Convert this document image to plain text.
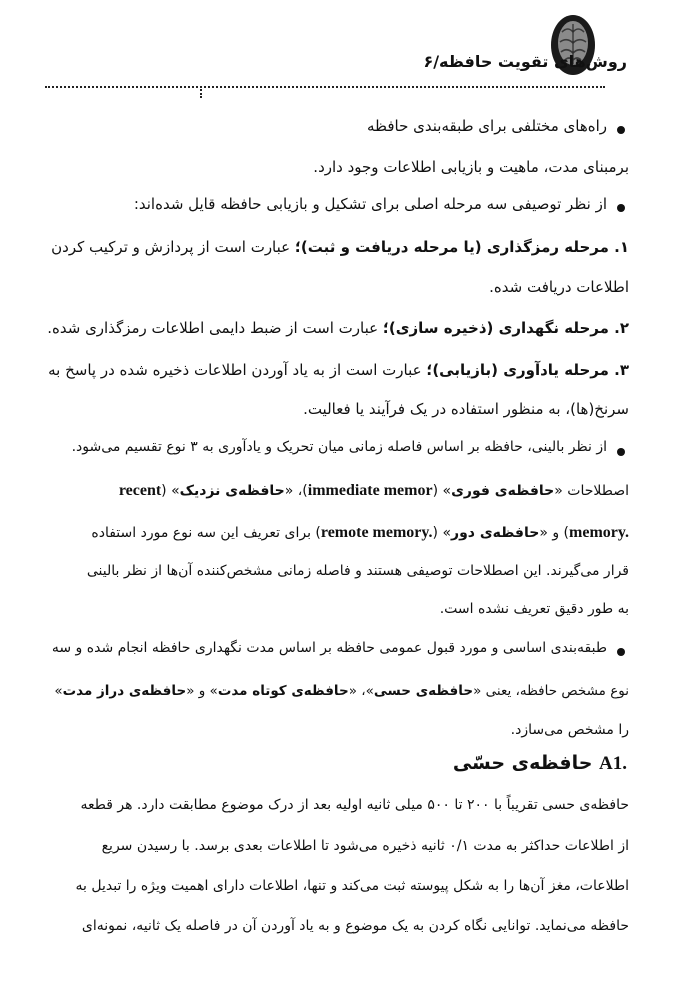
روش‌های تقویت حافظه/۶
راه‌های مختلفی برای طبقه‌بندی حافظه
برمبنای مدت، ماهیت و بازیابی اطلاعات وجود دارد.
از نظر توصیفی سه مرحله اصلی برای تشکیل و بازیابی حافظه قایل شده‌اند:
۱. مرحله رمزگذاری (یا مرحله دریافت و ثبت)؛ عبارت است از پردازش و ترکیب کردن
اطلاعات دریافت شده.
۲. مرحله نگهداری (ذخیره سازی)؛ عبارت است از ضبط دایمی اطلاعات رمزگذاری شده.
۳. مرحله یادآوری (بازیابی)؛ عبارت است از به یاد آوردن اطلاعات ذخیره شده در پاسخ به
سرنخ(ها)، به منظور استفاده در یک فرآیند یا فعالیت.
از نظر بالینی، حافظه بر اساس فاصله زمانی میان تحریک و یادآوری به ۳ نوع تقسیم می‌شود.
اصطلاحات «حافظه‌ی فوری» (immediate memor)، «حافظه‌ی نزدیک» (recent
memory.) و «حافظه‌ی دور» (remote memory.) برای تعریف این سه نوع مورد استفاده
قرار می‌گیرند. این اصطلاحات توصیفی هستند و فاصله زمانی مشخص‌کننده آن‌ها از نظر بالینی
به طور دقیق تعریف نشده است.
طبقه‌بندی اساسی و مورد قبول عمومی حافظه بر اساس مدت نگهداری حافظه انجام شده و سه
نوع مشخص حافظه، یعنی «حافظه‌ی حسی»، «حافظه‌ی کوتاه مدت» و «حافظه‌ی دراز مدت»
را مشخص می‌سازد.
A1. حافظه‌ی حسّی
حافظه‌ی حسی تقریباً با ۲۰۰ تا ۵۰۰ میلی ثانیه اولیه بعد از درک موضوع مطابقت دارد. هر قطعه
از اطلاعات حداکثر به مدت ۰/۱ ثانیه ذخیره می‌شود تا اطلاعات بعدی برسد. با رسیدن سریع
اطلاعات، مغز آن‌ها را به شکل پیوسته ثبت می‌کند و تنها، اطلاعات دارای اهمیت ویژه را تبدیل به
حافظه می‌نماید. توانایی نگاه کردن به یک موضوع و به یاد آوردن آن در فاصله یک ثانیه، نمونه‌ای
